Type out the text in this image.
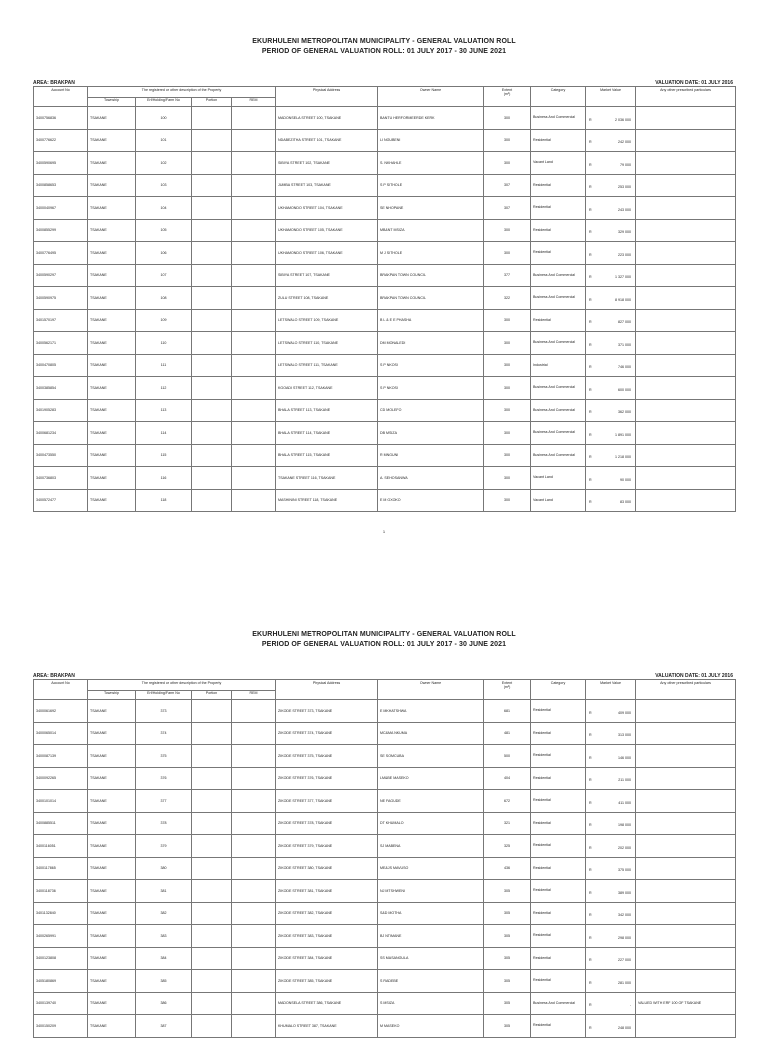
EKURHULENI METROPOLITAN MUNICIPALITY - GENERAL VALUATION ROLL
PERIOD OF GENERAL VALUATION ROLL: 01 JULY 2017 - 30 JUNE 2021
AREA: BRAKPAN	VALUATION DATE: 01 JULY 2016
Account No	The registered or other description of the Property				Physical Address	Owner Name	Extent
(m²)	Category	Market Value	Any other prescribed particulars
	Township	Erf/Holding/Farm No	Portion	REM						
3400756836	TSAKANE	100			MADONSELA STREET 100, TSAKANE	BANTU HERFORMEERDE KERK	300	Business And Commercial	R 2 036 000	

3400776622	TSAKANE	101			NDABEZITHA STREET 101, TSAKANE	LI NGUBENI	300	Residential	R 242 000	

3400590695	TSAKANE	102			SIBIYA STREET 102, TSAKANE	S. NKHAHLE	300	Vacant Land	R 79 000	

3400858653	TSAKANE	103			JUMBA STREET 103, TSAKANE	S P SITHOLE	307	Residential	R 253 000	

3400040967	TSAKANE	104			UKHAMONDO STREET 104, TSAKANE	SE NHOPANE	307	Residential	R 243 000	

3400855299	TSAKANE	105			UKHAMONDO STREET 105, TSAKANE	MB&NT MSIZA	300	Residential	R 329 000	

3400776495	TSAKANE	106			UKHAMONDO STREET 106, TSAKANE	M J SITHOLE	300	Residential	R 223 000	

3400590297	TSAKANE	107			SIBIYA STREET 107, TSAKANE	BRAKPAN TOWN COUNCIL	377	Business And Commercial	R 1 327 000	

3400590975	TSAKANE	108			ZULU STREET 108, TSAKANE	BRAKPAN TOWN COUNCIL	322	Business And Commercial	R 8 918 000	

3401570197	TSAKANE	109			LETSWALO STREET 109, TSAKANE	B L & E E PHASHA	300	Residential	R 827 000	

3400562171	TSAKANE	110			LETSWALO STREET 110, TSAKANE	DM MONALEDI	300	Business And Commercial	R 371 000	

3400470805	TSAKANE	111			LETSWALO STREET 111, TSAKANE	S P NKOSI	300	Industrial	R 746 000	

3400385854	TSAKANE	112			KGOADI STREET 112, TSAKANE	S P NKOSI	300	Business And Commercial	R 600 000	

3401905283	TSAKANE	113			BHALA STREET 113, TSAKANE	CD MOLEFO	300	Business And Commercial	R 362 000	

3400681234	TSAKANE	114			BHALA STREET 114, TSAKANE	DB MSIZA	300	Business And Commercial	R 1 891 000	

3400473550	TSAKANE	115			BHALA STREET 115, TSAKANE	R MNGUNI	300	Business And Commercial	R 1 218 000	

3400736803	TSAKANE	116			TSAKANE STREET 116, TSAKANE	A. SEHOSANWA	300	Vacant Land	R 90 000	

3400572477	TSAKANE	118			MASHININI STREET 118, TSAKANE	E M GXOKO	300	Vacant Land	R 83 000	

1
EKURHULENI METROPOLITAN MUNICIPALITY - GENERAL VALUATION ROLL
PERIOD OF GENERAL VALUATION ROLL: 01 JULY 2017 - 30 JUNE 2021
AREA: BRAKPAN	VALUATION DATE: 01 JULY 2016
Account No	The registered or other description of the Property				Physical Address	Owner Name	Extent
(m²)	Category	Market Value	Any other prescribed particulars
	Township	Erf/Holding/Farm No	Portion	REM						
3400061692	TSAKANE	373			ZIKODE STREET 373, TSAKANE	E MKHATSHWA	681	Residential	R 409 000	

3400065014	TSAKANE	374			ZIKODE STREET 374, TSAKANE	MC&MA NKUMA	481	Residential	R 313 000	

3400087139	TSAKANE	375			ZIKODE STREET 375, TSAKANE	SE SOMCUBA	500	Residential	R 146 000	

3400092265	TSAKANE	376			ZIKODE STREET 376, TSAKANE	LM&BE MASEKO	404	Residential	R 211 000	

3400101014	TSAKANE	377			ZIKODE STREET 377, TSAKANE	NE FAGUDE	672	Residential	R 411 000	

3400885511	TSAKANE	378			ZIKODE STREET 378, TSAKANE	DT KHUMALO	321	Residential	R 198 000	

3400116051	TSAKANE	379			ZIKODE STREET 379, TSAKANE	SJ MABENA	325	Residential	R 202 000	

3400117865	TSAKANE	380			ZIKODE STREET 380, TSAKANE	ME&JS MAVUSO	436	Residential	R 375 000	

3400118736	TSAKANE	381			ZIKODE STREET 381, TSAKANE	NJ MTSHWENI	305	Residential	R 389 000	

3401132840	TSAKANE	382			ZIKODE STREET 382, TSAKANE	S&D MOTHA	305	Residential	R 342 000	

3400265991	TSAKANE	383			ZIKODE STREET 383, TSAKANE	BJ NTIMANE	305	Residential	R 298 000	

3400123808	TSAKANE	384			ZIKODE STREET 384, TSAKANE	SS MASANGULA	305	Residential	R 227 000	

3405180869	TSAKANE	385			ZIKODE STREET 385, TSAKANE	S RADEBE	305	Residential	R 281 000	

3400139740	TSAKANE	386			MADONSELA STREET 386, TSAKANE	S MSIZA	305	Business And Commercial	R -	VALUED WITH ERF 100 OF TSAKANE
3400150209	TSAKANE	387			KHUMALO STREET 387, TSAKANE	M MASEKO	305	Residential	R 248 000	
